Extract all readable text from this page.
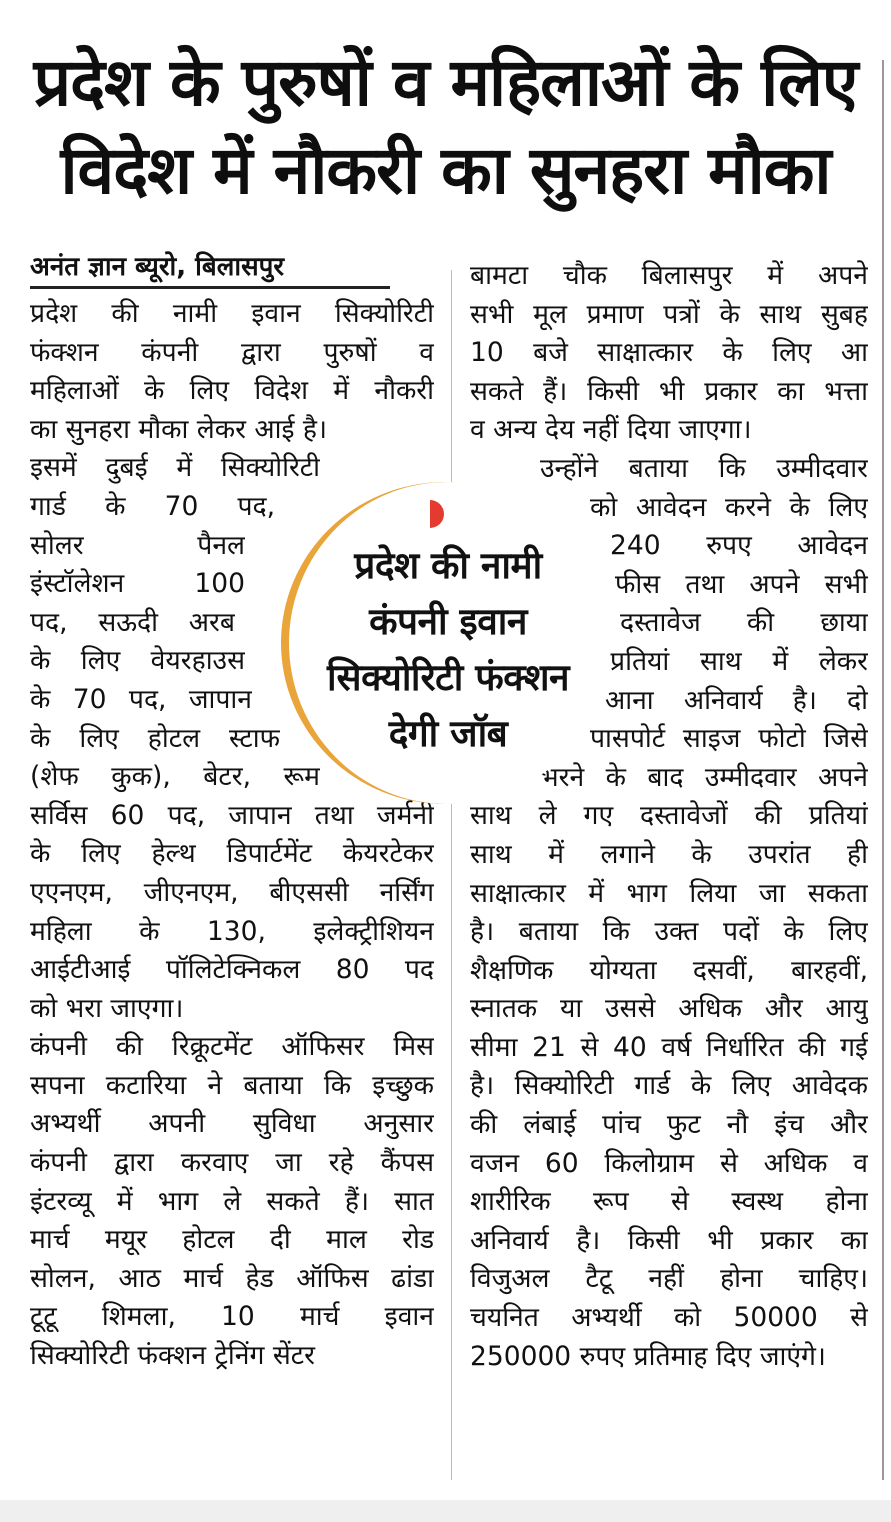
प्रदेश के पुरुषों व महिलाओं के लिए
विदेश में नौकरी का सुनहरा मौका
अनंत ज्ञान ब्यूरो, बिलासपुर
प्रदेश की नामी इवान सिक्योरिटी
फंक्शन कंपनी द्वारा पुरुषों व
महिलाओं के लिए विदेश में नौकरी
का सुनहरा मौका लेकर आई है।
इसमें दुबई में सिक्योरिटी
गार्ड के 70 पद,
सोलर पैनल
इंस्टॉलेशन 100
पद, सऊदी अरब
के लिए वेयरहाउस
के 70 पद, जापान
के लिए होटल स्टाफ
(शेफ कुक), बेटर, रूम
सर्विस 60 पद, जापान तथा जर्मनी
के लिए हेल्थ डिपार्टमेंट केयरटेकर
एएनएम, जीएनएम, बीएससी नर्सिंग
महिला के 130, इलेक्ट्रीशियन
आईटीआई पॉलिटेक्निकल 80 पद
को भरा जाएगा।
कंपनी की रिक्रूटमेंट ऑफिसर मिस
सपना कटारिया ने बताया कि इच्छुक
अभ्यर्थी अपनी सुविधा अनुसार
कंपनी द्वारा करवाए जा रहे कैंपस
इंटरव्यू में भाग ले सकते हैं। सात
मार्च मयूर होटल दी माल रोड
सोलन, आठ मार्च हेड ऑफिस ढांडा
टूटू शिमला, 10 मार्च इवान
सिक्योरिटी फंक्शन ट्रेनिंग सेंटर
बामटा चौक बिलासपुर में अपने
सभी मूल प्रमाण पत्रों के साथ सुबह
10 बजे साक्षात्कार के लिए आ
सकते हैं। किसी भी प्रकार का भत्ता
व अन्य देय नहीं दिया जाएगा।
उन्होंने बताया कि उम्मीदवार
को आवेदन करने के लिए
240 रुपए आवेदन
फीस तथा अपने सभी
दस्तावेज की छाया
प्रतियां साथ में लेकर
आना अनिवार्य है। दो
पासपोर्ट साइज फोटो जिसे
भरने के बाद उम्मीदवार अपने
साथ ले गए दस्तावेजों की प्रतियां
साथ में लगाने के उपरांत ही
साक्षात्कार में भाग लिया जा सकता
है। बताया कि उक्त पदों के लिए
शैक्षणिक योग्यता दसवीं, बारहवीं,
स्नातक या उससे अधिक और आयु
सीमा 21 से 40 वर्ष निर्धारित की गई
है। सिक्योरिटी गार्ड के लिए आवेदक
की लंबाई पांच फुट नौ इंच और
वजन 60 किलोग्राम से अधिक व
शारीरिक रूप से स्वस्थ होना
अनिवार्य है। किसी भी प्रकार का
विजुअल टैटू नहीं होना चाहिए।
चयनित अभ्यर्थी को 50000 से
250000 रुपए प्रतिमाह दिए जाएंगे।
प्रदेश की नामी
कंपनी इवान
सिक्योरिटी फंक्शन
देगी जॉब
